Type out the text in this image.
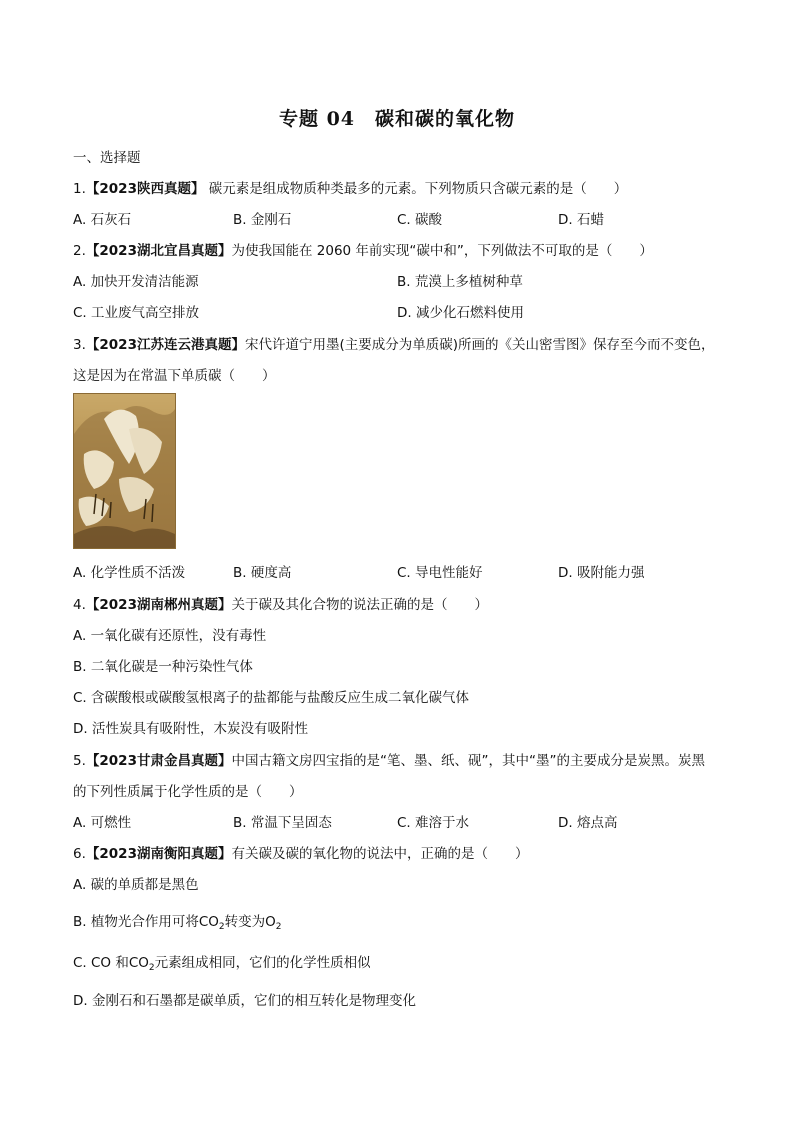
专题 04　碳和碳的氧化物
一、选择题
1.【2023陕西真题】 碳元素是组成物质种类最多的元素。下列物质只含碳元素的是（　　）
A. 石灰石	B. 金刚石	C. 碳酸	D. 石蜡
2.【2023湖北宜昌真题】为使我国能在 2060 年前实现“碳中和”，下列做法不可取的是（　　）
A. 加快开发清洁能源	B. 荒漠上多植树种草
C. 工业废气高空排放	D. 减少化石燃料使用
3.【2023江苏连云港真题】宋代许道宁用墨(主要成分为单质碳)所画的《关山密雪图》保存至今而不变色，
这是因为在常温下单质碳（　　）
A. 化学性质不活泼	B. 硬度高	C. 导电性能好	D. 吸附能力强
4.【2023湖南郴州真题】关于碳及其化合物的说法正确的是（　　）
A. 一氧化碳有还原性，没有毒性
B. 二氧化碳是一种污染性气体
C. 含碳酸根或碳酸氢根离子的盐都能与盐酸反应生成二氧化碳气体
D. 活性炭具有吸附性，木炭没有吸附性
5.【2023甘肃金昌真题】中国古籍文房四宝指的是“笔、墨、纸、砚”，其中“墨”的主要成分是炭黑。炭黑
的下列性质属于化学性质的是（　　）
A. 可燃性	B. 常温下呈固态	C. 难溶于水	D. 熔点高
6.【2023湖南衡阳真题】有关碳及碳的氧化物的说法中，正确的是（　　）
A. 碳的单质都是黑色
B. 植物光合作用可将$CO_2$转变为$O_2$
C. CO 和$CO_2$元素组成相同，它们的化学性质相似
D. 金刚石和石墨都是碳单质，它们的相互转化是物理变化
